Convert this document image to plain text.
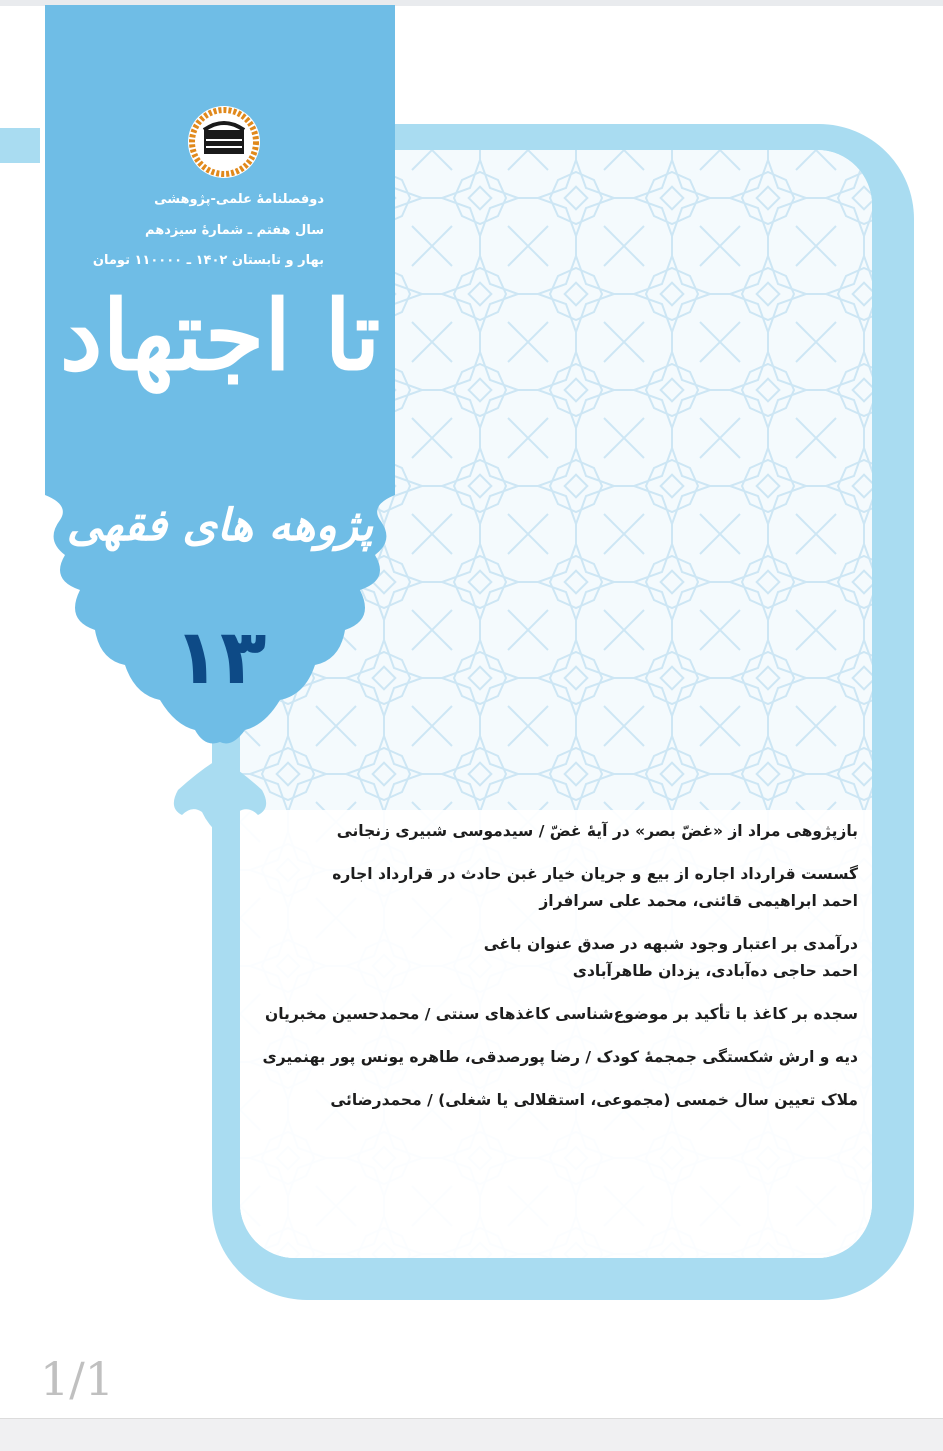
دوفصلنامهٔ علمی-پژوهشی
سال هفتم ـ شمارهٔ سیزدهم
بهار و تابستان ۱۴۰۲ ـ ۱۱۰۰۰۰ تومان
تا اجتهاد
پژوهه های فقهی
۱۳
بازپژوهی مراد از «غضّ بصر» در آیهٔ غضّ / سیدموسی شبیری زنجانی
گسست قرارداد اجاره از بیع و جریان خیار غبن حادث در قرارداد اجاره
احمد ابراهیمی قائنی، محمد علی سرافراز
درآمدی بر اعتبار وجود شبهه در صدق عنوان باغی
احمد حاجی ده‌آبادی، یزدان طاهرآبادی
سجده بر کاغذ با تأکید بر موضوع‌شناسی کاغذهای سنتی / محمدحسین مخبریان
دیه و ارش شکستگی جمجمهٔ کودک / رضا پورصدقی، طاهره یونس پور بهنمیری
ملاک تعیین سال خمسی (مجموعی، استقلالی یا شغلی) / محمدرضائی
1/1
